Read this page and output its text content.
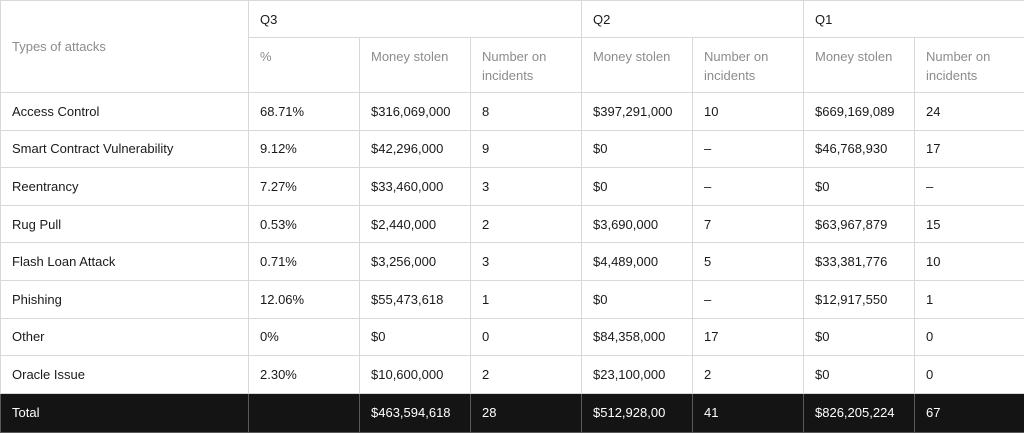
Types of attacks	Q3			Q2		Q1	
	%	Money stolen	Number on incidents	Money stolen	Number on incidents	Money stolen	Number on incidents
Access Control	68.71%	$316,069,000	8	$397,291,000	10	$669,169,089	24
Smart Contract Vulnerability	9.12%	$42,296,000	9	$0	–	$46,768,930	17
Reentrancy	7.27%	$33,460,000	3	$0	–	$0	–
Rug Pull	0.53%	$2,440,000	2	$3,690,000	7	$63,967,879	15
Flash Loan Attack	0.71%	$3,256,000	3	$4,489,000	5	$33,381,776	10
Phishing	12.06%	$55,473,618	1	$0	–	$12,917,550	1
Other	0%	$0	0	$84,358,000	17	$0	0
Oracle Issue	2.30%	$10,600,000	2	$23,100,000	2	$0	0
Total		$463,594,618	28	$512,928,00	41	$826,205,224	67
